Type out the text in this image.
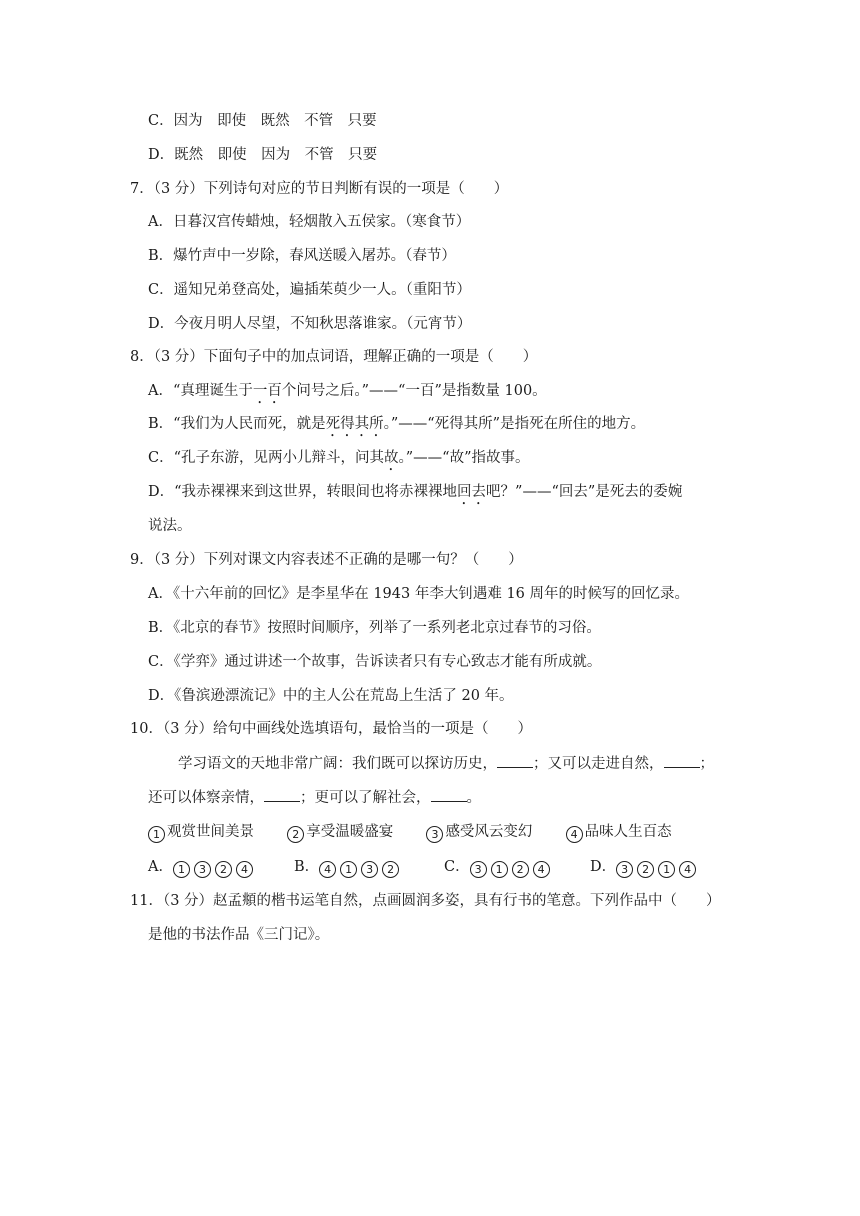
C．因为　即使　既然　不管　只要
D．既然　即使　因为　不管　只要
7．（3 分）下列诗句对应的节日判断有误的一项是（　　）
A．日暮汉宫传蜡烛，轻烟散入五侯家。（寒食节）
B．爆竹声中一岁除，春风送暖入屠苏。（春节）
C．遥知兄弟登高处，遍插茱萸少一人。（重阳节）
D．今夜月明人尽望，不知秋思落谁家。（元宵节）
8．（3 分）下面句子中的加点词语，理解正确的一项是（　　）
A．“真理诞生于一百个问号之后。”——“一百”是指数量 100。
B．“我们为人民而死，就是死得其所。”——“死得其所”是指死在所住的地方。
C．“孔子东游，见两小儿辩斗，问其故。”——“故”指故事。
D．“我赤裸裸来到这世界，转眼间也将赤裸裸地回去吧？”——“回去”是死去的委婉
说法。
9．（3 分）下列对课文内容表述不正确的是哪一句？（　　）
A．《十六年前的回忆》是李星华在 1943 年李大钊遇难 16 周年的时候写的回忆录。
B．《北京的春节》按照时间顺序，列举了一系列老北京过春节的习俗。
C．《学弈》通过讲述一个故事，告诉读者只有专心致志才能有所成就。
D．《鲁滨逊漂流记》中的主人公在荒岛上生活了 20 年。
10．（3 分）给句中画线处选填语句，最恰当的一项是（　　）
学习语文的天地非常广阔：我们既可以探访历史， ；又可以走进自然， ；
还可以体察亲情， ；更可以了解社会， 。
1 观赏世间美景	2 享受温暖盛宴	3 感受风云变幻	4 品味人生百态
A． 1	3	2	4	B． 4	1	3	2	C． 3	1	2	4	D． 3	2	1	4
11．（3 分）赵孟頫的楷书运笔自然，点画圆润多姿，具有行书的笔意。下列作品中（　　）
是他的书法作品《三门记》。
